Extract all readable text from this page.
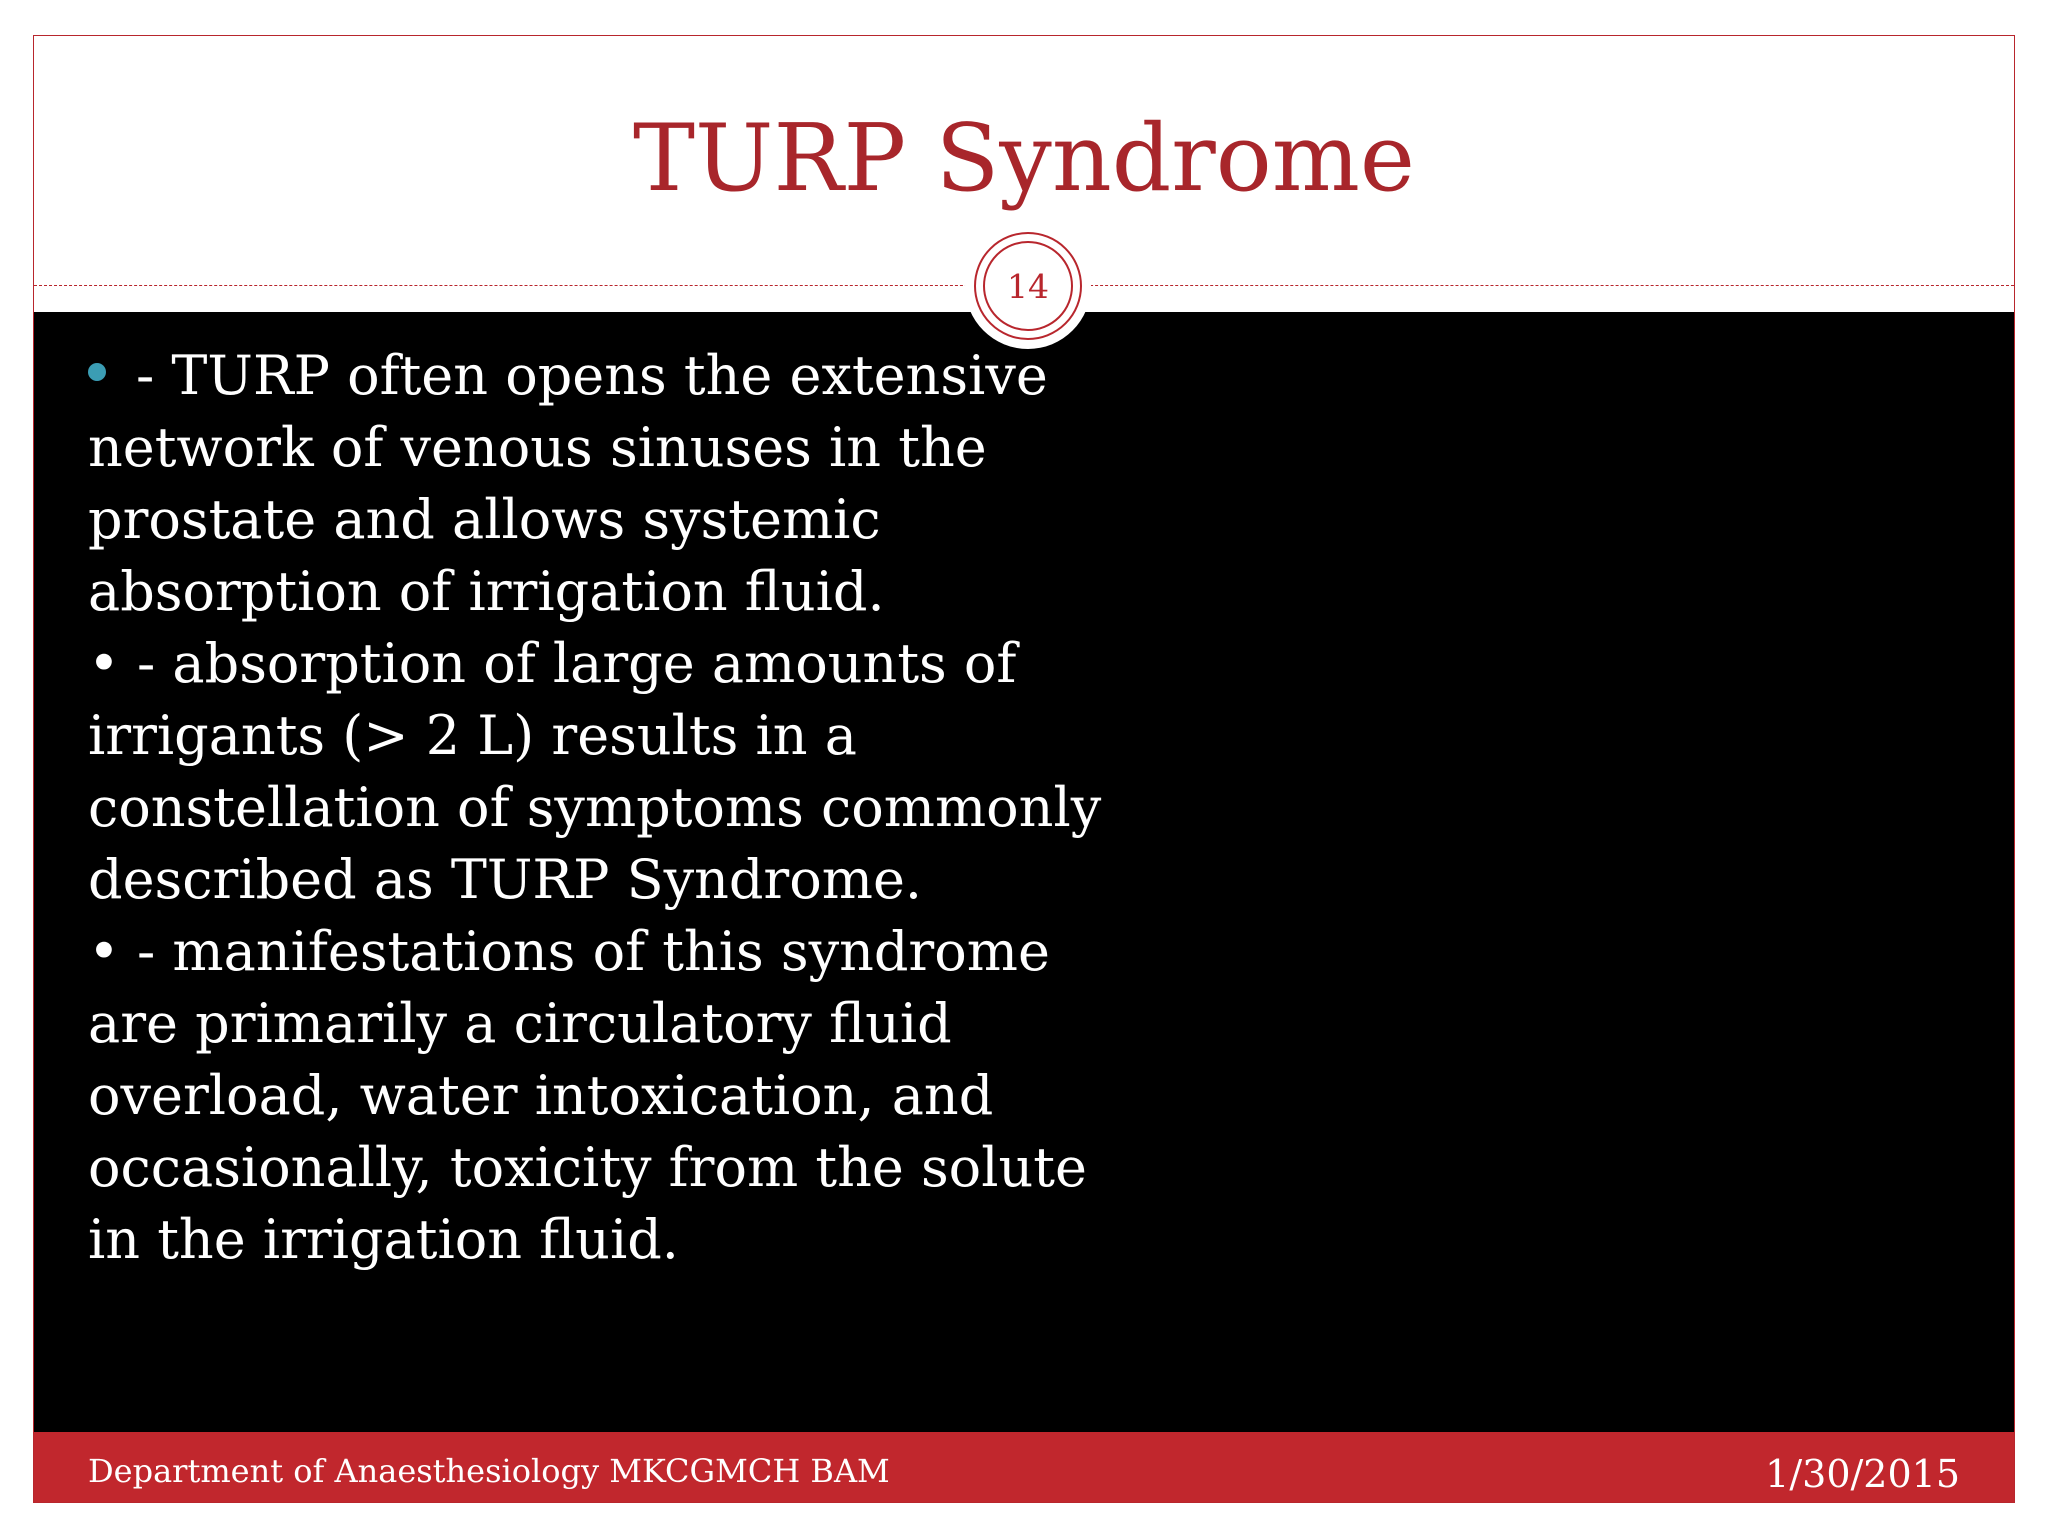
TURP Syndrome
14

- TURP often opens the extensive network of venous sinuses in the prostate and allows systemic absorption of irrigation fluid.

• - absorption of large amounts of irrigants (> 2 L) results in a constellation of symptoms commonly described as TURP Syndrome.

• - manifestations of this syndrome are primarily a circulatory fluid overload, water intoxication, and occasionally, toxicity from the solute in the irrigation fluid.

Department of Anaesthesiology MKCGMCH BAM	1/30/2015
